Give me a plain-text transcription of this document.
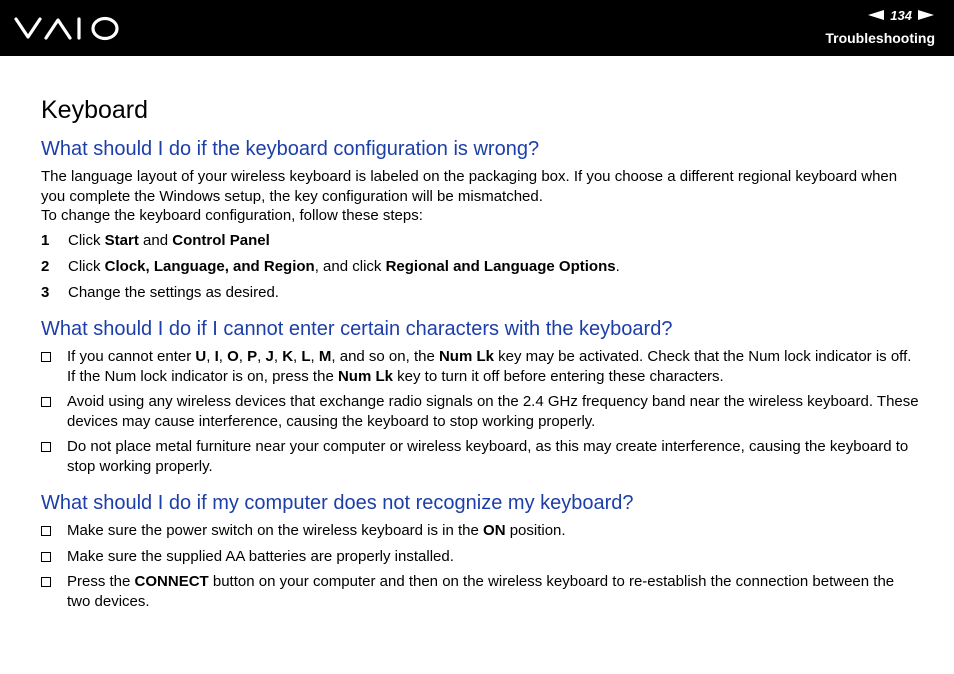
134
Troubleshooting
Keyboard
What should I do if the keyboard configuration is wrong?

The language layout of your wireless keyboard is labeled on the packaging box. If you choose a different regional keyboard when you complete the Windows setup, the key configuration will be mismatched.

To change the keyboard configuration, follow these steps:

1	Click Start and Control Panel
2	Click Clock, Language, and Region, and click Regional and Language Options.
3	Change the settings as desired.
What should I do if I cannot enter certain characters with the keyboard?
If you cannot enter U, I, O, P, J, K, L, M, and so on, the Num Lk key may be activated. Check that the Num lock indicator is off. If the Num lock indicator is on, press the Num Lk key to turn it off before entering these characters.
Avoid using any wireless devices that exchange radio signals on the 2.4 GHz frequency band near the wireless keyboard. These devices may cause interference, causing the keyboard to stop working properly.
Do not place metal furniture near your computer or wireless keyboard, as this may create interference, causing the keyboard to stop working properly.
What should I do if my computer does not recognize my keyboard?
Make sure the power switch on the wireless keyboard is in the ON position.
Make sure the supplied AA batteries are properly installed.
Press the CONNECT button on your computer and then on the wireless keyboard to re-establish the connection between the two devices.
